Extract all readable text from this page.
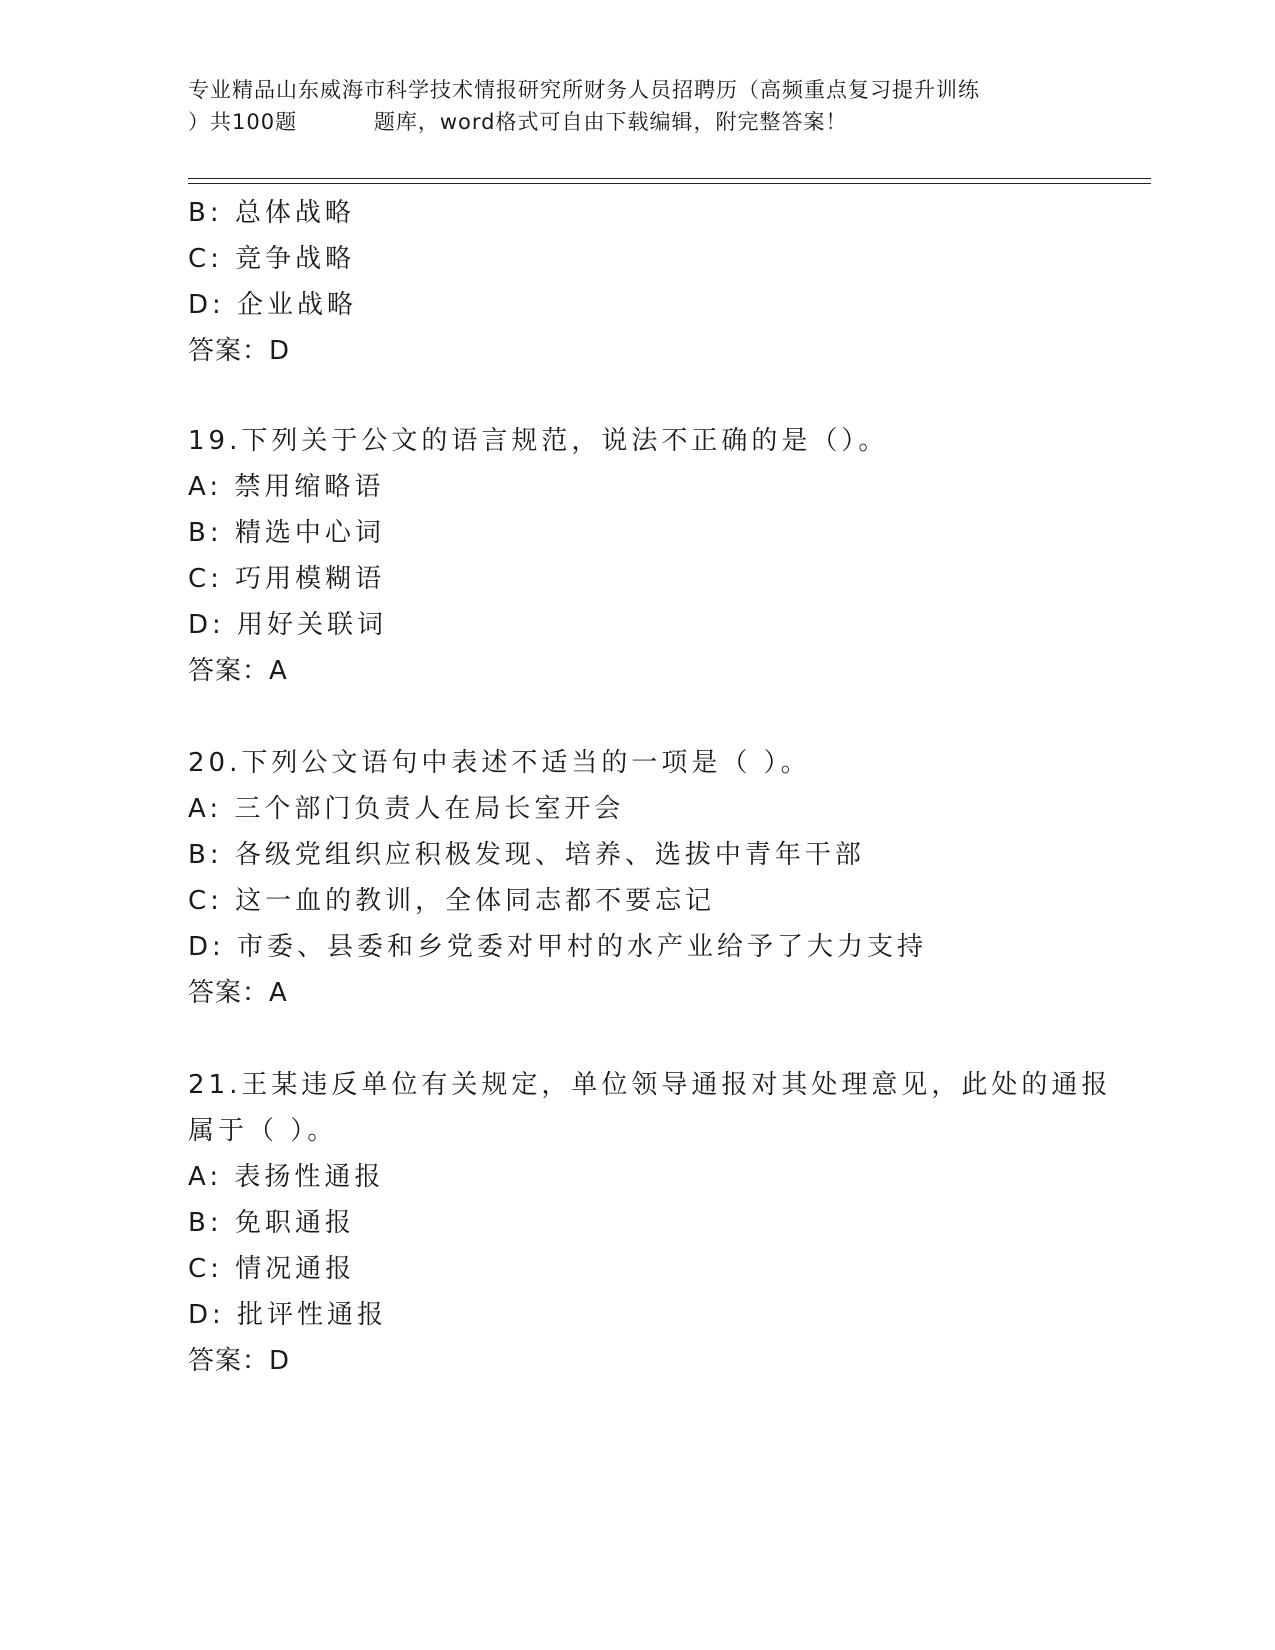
专业精品山东威海市科学技术情报研究所财务人员招聘历（高频重点复习提升训练
）共100题          题库，word格式可自由下载编辑，附完整答案！
B: 总体战略
C: 竞争战略
D: 企业战略
答案：D
19.下列关于公文的语言规范，说法不正确的是（）。
A: 禁用缩略语
B: 精选中心词
C: 巧用模糊语
D: 用好关联词
答案：A
20.下列公文语句中表述不适当的一项是（ ）。
A: 三个部门负责人在局长室开会
B: 各级党组织应积极发现、培养、选拔中青年干部
C: 这一血的教训，全体同志都不要忘记
D: 市委、县委和乡党委对甲村的水产业给予了大力支持
答案：A
21.王某违反单位有关规定，单位领导通报对其处理意见，此处的通报
属于（ ）。
A: 表扬性通报
B: 免职通报
C: 情况通报
D: 批评性通报
答案：D
